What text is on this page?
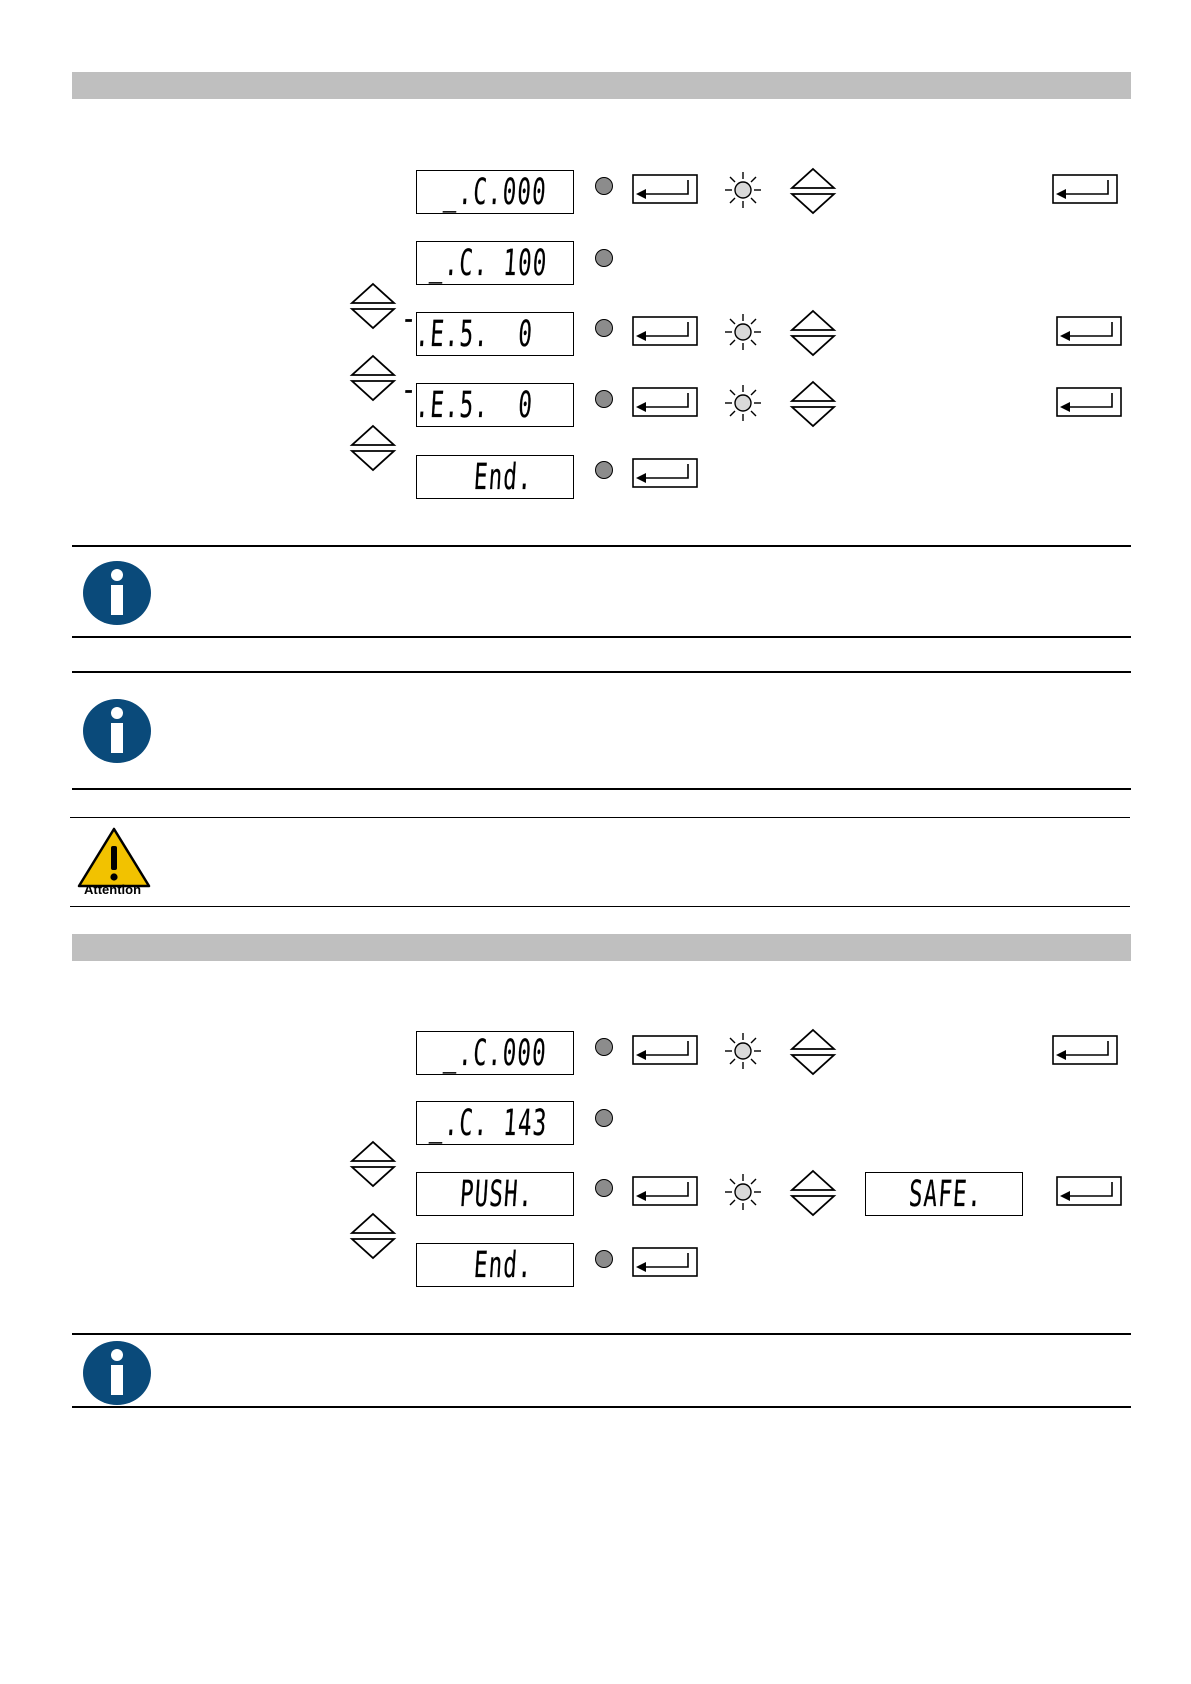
_.C.000
_.C. 100
¯.E.5.  0
¯.E.5.  0
End.
Attention
_.C.000
_.C. 143
PUSH.	SAFE.
End.
